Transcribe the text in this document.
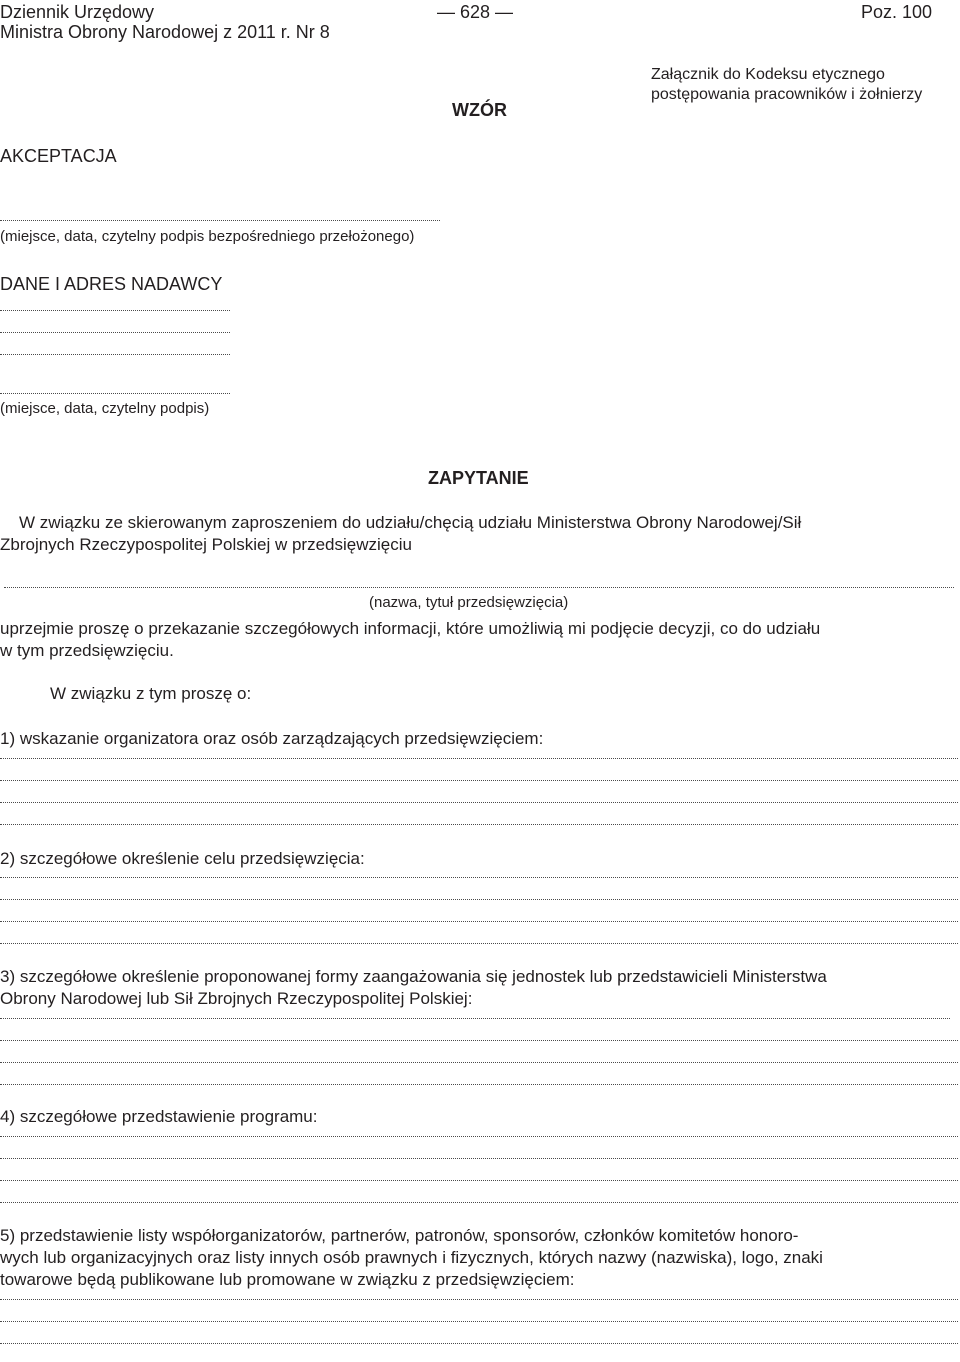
Dziennik Urzędowy
Ministra Obrony Narodowej z 2011 r. Nr 8
— 628 —	Poz. 100
Załącznik do Kodeksu etycznego
postępowania pracowników i żołnierzy
WZÓR
AKCEPTACJA
(miejsce, data, czytelny podpis bezpośredniego przełożonego)
DANE I ADRES NADAWCY
(miejsce, data, czytelny podpis)
ZAPYTANIE
W związku ze skierowanym zaproszeniem do udziału/chęcią udziału Ministerstwa Obrony Narodowej/Sił
Zbrojnych Rzeczypospolitej Polskiej w przedsięwzięciu
(nazwa, tytuł przedsięwzięcia)
uprzejmie proszę o przekazanie szczegółowych informacji, które umożliwią mi podjęcie decyzji, co do udziału
w tym przedsięwzięciu.
W związku z tym proszę o:
1) wskazanie organizatora oraz osób zarządzających przedsięwzięciem:
2) szczegółowe określenie celu przedsięwzięcia:
3) szczegółowe określenie proponowanej formy zaangażowania się jednostek lub przedstawicieli Ministerstwa
Obrony Narodowej lub Sił Zbrojnych Rzeczypospolitej Polskiej:
4) szczegółowe przedstawienie programu:
5) przedstawienie listy współorganizatorów, partnerów, patronów, sponsorów, członków komitetów honoro-
wych lub organizacyjnych oraz listy innych osób prawnych i fizycznych, których nazwy (nazwiska), logo, znaki
towarowe będą publikowane lub promowane w związku z przedsięwzięciem:
